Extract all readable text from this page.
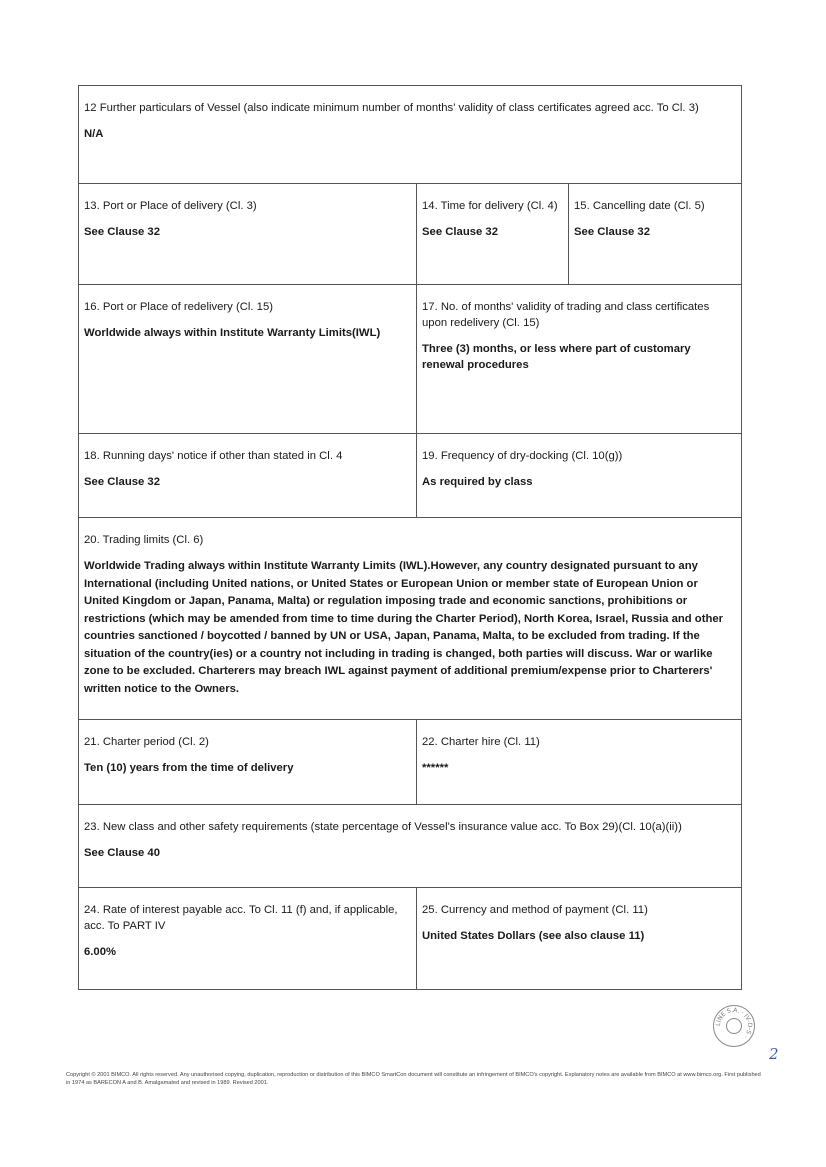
12 Further particulars of Vessel (also indicate minimum number of months' validity of class certificates agreed acc. To Cl. 3)
N/A
13. Port or Place of delivery (Cl. 3)
See Clause 32
14. Time for delivery (Cl. 4)
See Clause 32
15. Cancelling date (Cl. 5)
See Clause 32
16. Port or Place of redelivery (Cl. 15)
Worldwide always within Institute Warranty Limits(IWL)
17. No. of months' validity of trading and class certificates upon redelivery (Cl. 15)
Three (3) months, or less where part of customary renewal procedures
18. Running days' notice if other than stated in Cl. 4
See Clause 32
19. Frequency of dry-docking (Cl. 10(g))
As required by class
20. Trading limits (Cl. 6)
Worldwide Trading always within Institute Warranty Limits (IWL).However, any country designated pursuant to any International (including United nations, or United States or European Union or member state of European Union or United Kingdom or Japan, Panama, Malta) or regulation imposing trade and economic sanctions, prohibitions or restrictions (which may be amended from time to time during the Charter Period), North Korea, Israel, Russia and other countries sanctioned / boycotted / banned by UN or USA, Japan, Panama, Malta, to be excluded from trading. If the situation of the country(ies) or a country not including in trading is changed, both parties will discuss. War or warlike zone to be excluded. Charterers may breach IWL against payment of additional premium/expense prior to Charterers' written notice to the Owners.
21. Charter period (Cl. 2)
Ten (10) years from the time of delivery
22. Charter hire (Cl. 11)
******
23. New class and other safety requirements (state percentage of Vessel's insurance value acc. To Box 29)(Cl. 10(a)(ii))
See Clause 40
24. Rate of interest payable acc. To Cl. 11 (f) and, if applicable, acc. To PART IV
6.00%
25. Currency and method of payment (Cl. 11)
United States Dollars (see also clause 11)
LINE S.A. · IV-D-S ·
2
Copyright © 2001 BIMCO. All rights reserved. Any unauthorised copying, duplication, reproduction or distribution of this BIMCO SmartCon document will constitute an infringement of BIMCO's copyright. Explanatory notes are available from BIMCO at www.bimco.org. First published in 1974 as BARECON A and B. Amalgamated and revised in 1989. Revised 2001.
